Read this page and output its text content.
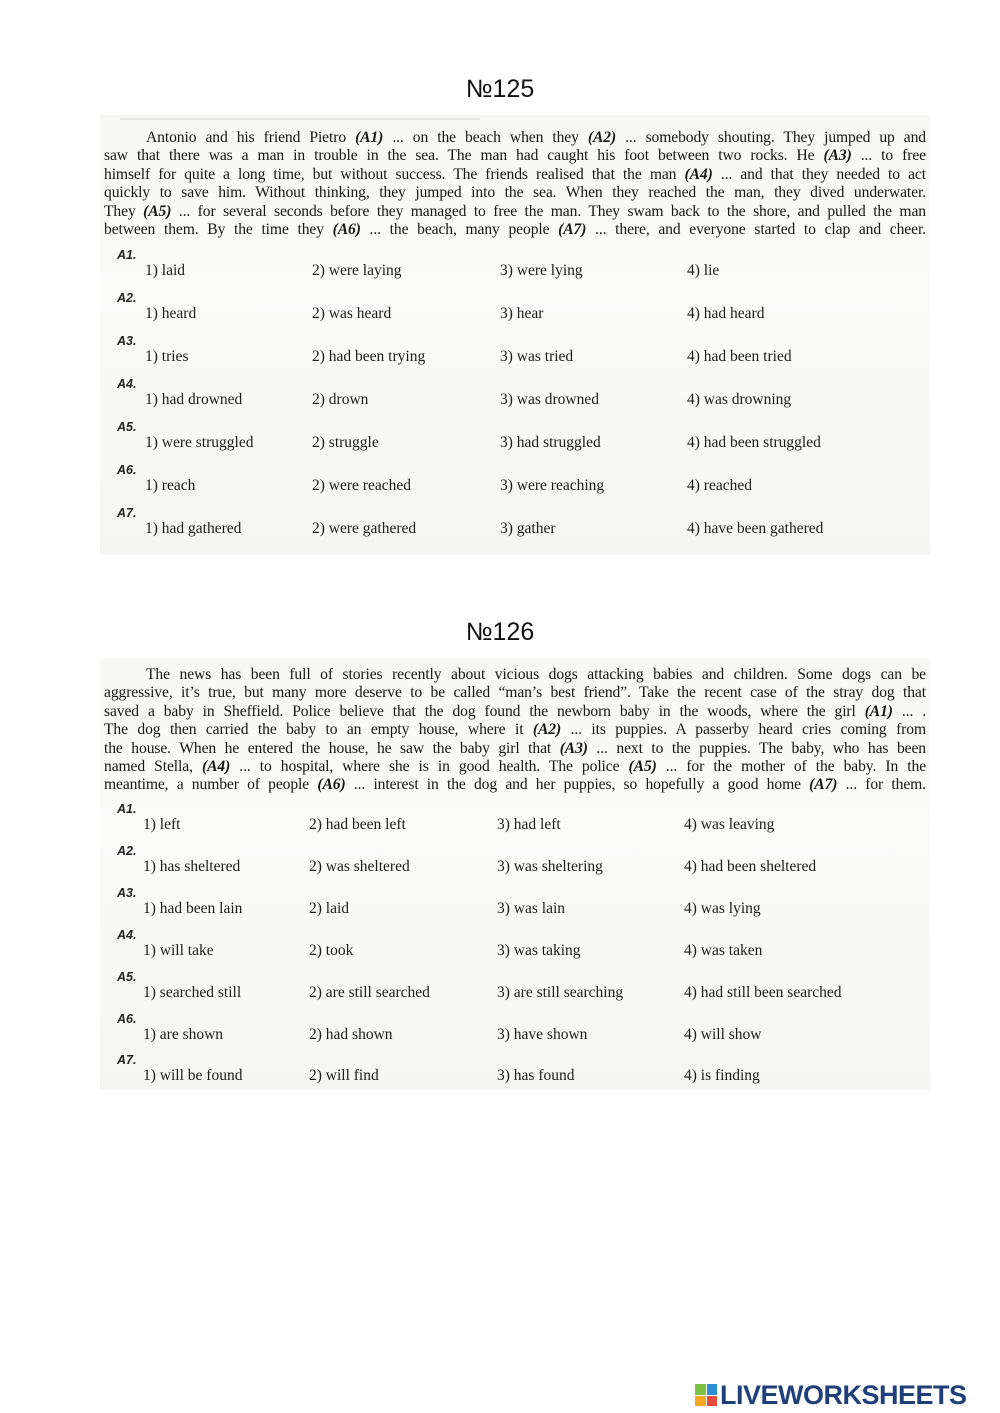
№125
Antonio and his friend Pietro (A1) ... on the beach when they (A2) ... somebody shouting. They jumped up and
saw that there was a man in trouble in the sea. The man had caught his foot between two rocks. He (A3) ... to free
himself for quite a long time, but without success. The friends realised that the man (A4) ... and that they needed to act
quickly to save him. Without thinking, they jumped into the sea. When they reached the man, they dived underwater.
They (A5) ... for several seconds before they managed to free the man. They swam back to the shore, and pulled the man
between them. By the time they (A6) ... the beach, many people (A7) ... there, and everyone started to clap and cheer.
A1.
1) laid	2) were laying	3) were lying	4) lie
A2.
1) heard	2) was heard	3) hear	4) had heard
A3.
1) tries	2) had been trying	3) was tried	4) had been tried
A4.
1) had drowned	2) drown	3) was drowned	4) was drowning
A5.
1) were struggled	2) struggle	3) had struggled	4) had been struggled
A6.
1) reach	2) were reached	3) were reaching	4) reached
A7.
1) had gathered	2) were gathered	3) gather	4) have been gathered
№126
The news has been full of stories recently about vicious dogs attacking babies and children. Some dogs can be
aggressive, it’s true, but many more deserve to be called “man’s best friend”. Take the recent case of the stray dog that
saved a baby in Sheffield. Police believe that the dog found the newborn baby in the woods, where the girl (A1) ... .
The dog then carried the baby to an empty house, where it (A2) ... its puppies. A passerby heard cries coming from
the house. When he entered the house, he saw the baby girl that (A3) ... next to the puppies. The baby, who has been
named Stella, (A4) ... to hospital, where she is in good health. The police (A5) ... for the mother of the baby. In the
meantime, a number of people (A6) ... interest in the dog and her puppies, so hopefully a good home (A7) ... for them.
A1.
1) left	2) had been left	3) had left	4) was leaving
A2.
1) has sheltered	2) was sheltered	3) was sheltering	4) had been sheltered
A3.
1) had been lain	2) laid	3) was lain	4) was lying
A4.
1) will take	2) took	3) was taking	4) was taken
A5.
1) searched still	2) are still searched	3) are still searching	4) had still been searched
A6.
1) are shown	2) had shown	3) have shown	4) will show
A7.
1) will be found	2) will find	3) has found	4) is finding
LIVEWORKSHEETS
